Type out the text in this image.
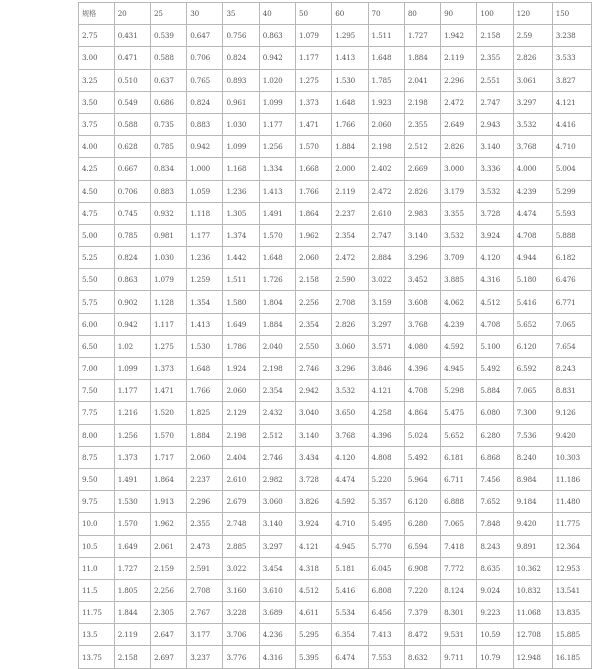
规格	20	25	30	35	40	50	60	70	80	90	100	120	150
2.75	0.431	0.539	0.647	0.756	0.863	1.079	1.295	1.511	1.727	1.942	2.158	2.59	3.238
3.00	0.471	0.588	0.706	0.824	0.942	1.177	1.413	1.648	1.884	2.119	2.355	2.826	3.533
3.25	0.510	0.637	0.765	0.893	1.020	1.275	1.530	1.785	2.041	2.296	2.551	3.061	3.827
3.50	0.549	0.686	0.824	0.961	1.099	1.373	1.648	1.923	2.198	2.472	2.747	3.297	4.121
3.75	0.588	0.735	0.883	1.030	1.177	1.471	1.766	2.060	2.355	2.649	2.943	3.532	4.416
4.00	0.628	0.785	0.942	1.099	1.256	1.570	1.884	2.198	2.512	2.826	3.140	3.768	4.710
4.25	0.667	0.834	1.000	1.168	1.334	1.668	2.000	2.402	2.669	3.000	3.336	4.000	5.004
4.50	0.706	0.883	1.059	1.236	1.413	1.766	2.119	2.472	2.826	3.179	3.532	4.239	5.299
4.75	0.745	0.932	1.118	1.305	1.491	1.864	2.237	2.610	2.983	3.355	3.728	4.474	5.593
5.00	0.785	0.981	1.177	1.374	1.570	1.962	2.354	2.747	3.140	3.532	3.924	4.708	5.888
5.25	0.824	1.030	1.236	1.442	1.648	2.060	2.472	2.884	3.296	3.709	4.120	4.944	6.182
5.50	0.863	1.079	1.259	1.511	1.726	2.158	2.590	3.022	3.452	3.885	4.316	5.180	6.476
5.75	0.902	1.128	1.354	1.580	1.804	2.256	2.708	3.159	3.608	4.062	4.512	5.416	6.771
6.00	0.942	1.117	1.413	1.649	1.884	2.354	2.826	3.297	3.768	4.239	4.708	5.652	7.065
6.50	1.02	1.275	1.530	1.786	2.040	2.550	3.060	3.571	4.080	4.592	5.100	6.120	7.654
7.00	1.099	1.373	1.648	1.924	2.198	2.746	3.296	3.846	4.396	4.945	5.492	6.592	8.243
7.50	1.177	1.471	1.766	2.060	2.354	2.942	3.532	4.121	4.708	5.298	5.884	7.065	8.831
7.75	1.216	1.520	1.825	2.129	2.432	3.040	3.650	4.258	4.864	5.475	6.080	7.300	9.126
8.00	1.256	1.570	1.884	2.198	2.512	3.140	3.768	4.396	5.024	5.652	6.280	7.536	9.420
8.75	1.373	1.717	2.060	2.404	2.746	3.434	4.120	4.808	5.492	6.181	6.868	8.240	10.303
9.50	1.491	1.864	2.237	2.610	2.982	3.728	4.474	5.220	5.964	6.711	7.456	8.984	11.186
9.75	1.530	1.913	2.296	2.679	3.060	3.826	4.592	5.357	6.120	6.888	7.652	9.184	11.480
10.0	1.570	1.962	2.355	2.748	3.140	3.924	4.710	5.495	6.280	7.065	7.848	9.420	11.775
10.5	1.649	2.061	2.473	2.885	3.297	4.121	4.945	5.770	6.594	7.418	8.243	9.891	12.364
11.0	1.727	2.159	2.591	3.022	3.454	4.318	5.181	6.045	6.908	7.772	8.635	10.362	12.953
11.5	1.805	2.256	2.708	3.160	3.610	4.512	5.416	6.808	7.220	8.124	9.024	10.832	13.541
11.75	1.844	2.305	2.767	3.228	3.689	4.611	5.534	6.456	7.379	8.301	9.223	11.068	13.835
13.5	2.119	2.647	3.177	3.706	4.236	5.295	6.354	7.413	8.472	9.531	10.59	12.708	15.885
13.75	2.158	2.697	3.237	3.776	4.316	5.395	6.474	7.553	8.632	9.711	10.79	12.948	16.185
